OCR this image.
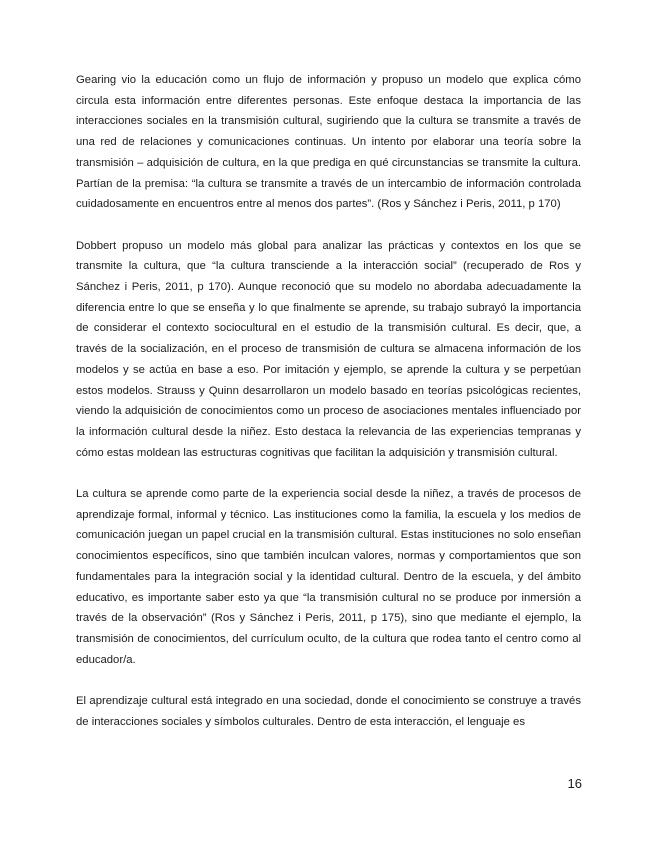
Gearing vio la educación como un flujo de información y propuso un modelo que explica cómo circula esta información entre diferentes personas. Este enfoque destaca la importancia de las interacciones sociales en la transmisión cultural, sugiriendo que la cultura se transmite a través de una red de relaciones y comunicaciones continuas. Un intento por elaborar una teoría sobre la transmisión – adquisición de cultura, en la que prediga en qué circunstancias se transmite la cultura. Partían de la premisa: “la cultura se transmite a través de un intercambio de información controlada cuidadosamente en encuentros entre al menos dos partes”. (Ros y Sánchez i Peris, 2011, p 170)

Dobbert propuso un modelo más global para analizar las prácticas y contextos en los que se transmite la cultura, que “la cultura transciende a la interacción social” (recuperado de Ros y Sánchez i Peris, 2011, p 170). Aunque reconoció que su modelo no abordaba adecuadamente la diferencia entre lo que se enseña y lo que finalmente se aprende, su trabajo subrayó la importancia de considerar el contexto sociocultural en el estudio de la transmisión cultural. Es decir, que, a través de la socialización, en el proceso de transmisión de cultura se almacena información de los modelos y se actúa en base a eso. Por imitación y ejemplo, se aprende la cultura y se perpetúan estos modelos. Strauss y Quinn desarrollaron un modelo basado en teorías psicológicas recientes, viendo la adquisición de conocimientos como un proceso de asociaciones mentales influenciado por la información cultural desde la niñez. Esto destaca la relevancia de las experiencias tempranas y cómo estas moldean las estructuras cognitivas que facilitan la adquisición y transmisión cultural.

La cultura se aprende como parte de la experiencia social desde la niñez, a través de procesos de aprendizaje formal, informal y técnico. Las instituciones como la familia, la escuela y los medios de comunicación juegan un papel crucial en la transmisión cultural. Estas instituciones no solo enseñan conocimientos específicos, sino que también inculcan valores, normas y comportamientos que son fundamentales para la integración social y la identidad cultural. Dentro de la escuela, y del ámbito educativo, es importante saber esto ya que “la transmisión cultural no se produce por inmersión a través de la observación” (Ros y Sánchez i Peris, 2011, p 175), sino que mediante el ejemplo, la transmisión de conocimientos, del currículum oculto, de la cultura que rodea tanto el centro como al educador/a.

El aprendizaje cultural está integrado en una sociedad, donde el conocimiento se construye a través de interacciones sociales y símbolos culturales. Dentro de esta interacción, el lenguaje es

16
